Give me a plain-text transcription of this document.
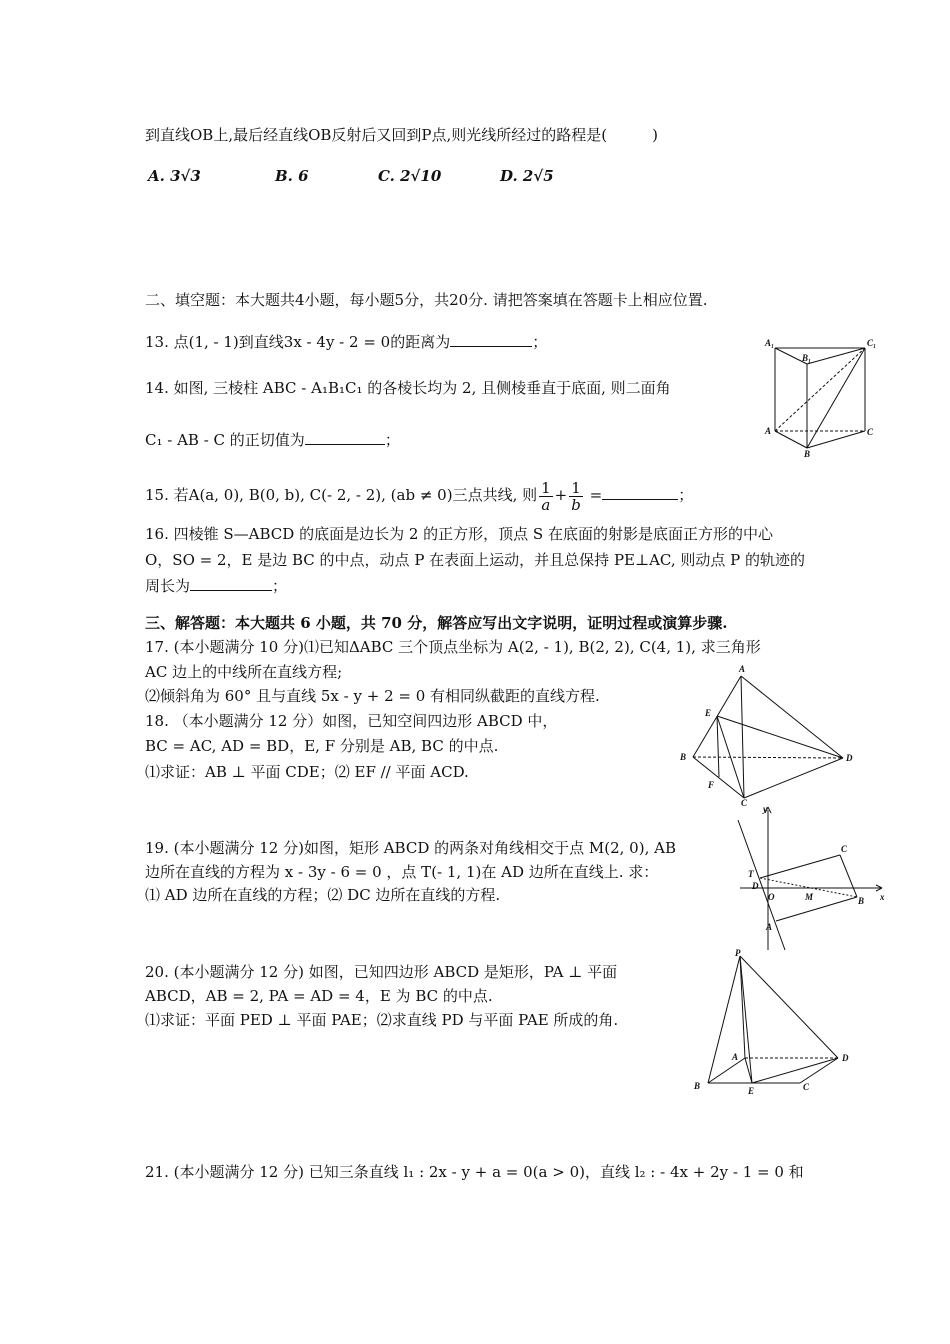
到直线OB上,最后经直线OB反射后又回到P点,则光线所经过的路程是(　　　)
A. 3√3	B. 6	C. 2√10	D. 2√5
二、填空题：本大题共4小题，每小题5分，共20分. 请把答案填在答题卡上相应位置.
13. 点(1, - 1)到直线3x - 4y - 2 = 0的距离为	；
14. 如图, 三棱柱 ABC - A₁B₁C₁ 的各棱长均为 2, 且侧棱垂直于底面, 则二面角
C₁ - AB - C 的正切值为	；
15. 若A(a, 0), B(0, b), C(- 2, - 2), (ab ≠ 0)三点共线, 则 $\frac{1}{a} + \frac{1}{b}$ =	；
16. 四棱锥 S—ABCD 的底面是边长为 2 的正方形，顶点 S 在底面的射影是底面正方形的中心
O，SO = 2，E 是边 BC 的中点，动点 P 在表面上运动，并且总保持 PE⊥AC, 则动点 P 的轨迹的
周长为	；
三、解答题：本大题共 6 小题，共 70 分，解答应写出文字说明，证明过程或演算步骤.
17. (本小题满分 10 分)⑴已知ΔABC 三个顶点坐标为 A(2, - 1), B(2, 2), C(4, 1), 求三角形
AC 边上的中线所在直线方程;
⑵倾斜角为 60° 且与直线 5x - y + 2 = 0 有相同纵截距的直线方程.
18. （本小题满分 12 分）如图，已知空间四边形 ABCD 中，
BC = AC, AD = BD，E, F 分别是 AB, BC 的中点.
⑴求证：AB ⊥ 平面 CDE；⑵ EF // 平面 ACD.
19. (本小题满分 12 分)如图，矩形 ABCD 的两条对角线相交于点 M(2, 0), AB
边所在直线的方程为 x - 3y - 6 = 0 ，点 T(- 1, 1)在 AD 边所在直线上. 求：
⑴ AD 边所在直线的方程；⑵ DC 边所在直线的方程.
20. (本小题满分 12 分) 如图，已知四边形 ABCD 是矩形，PA ⊥ 平面
ABCD，AB = 2, PA = AD = 4，E 为 BC 的中点.
⑴求证：平面 PED ⊥ 平面 PAE；⑵求直线 PD 与平面 PAE 所成的角.
21. (本小题满分 12 分) 已知三条直线 l₁ : 2x - y + a = 0(a > 0)，直线 l₂ : - 4x + 2y - 1 = 0 和
A₁
B₁
C₁
A
B
C
A
B
C
D
E
F
y
x
T
D
O	M	B
C
A
P
A
B	E	C
D
